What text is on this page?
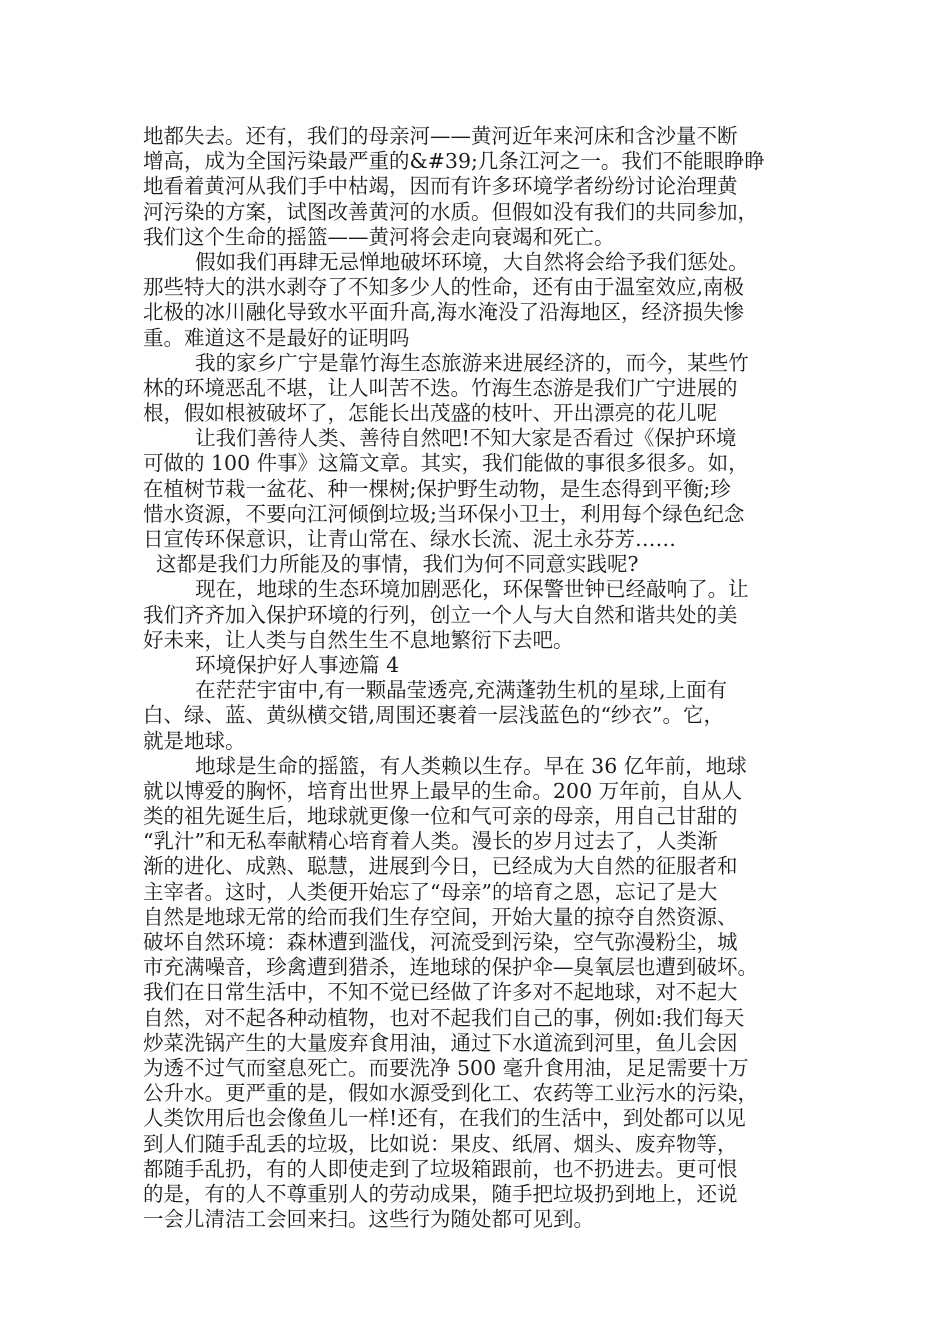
地都失去。还有，我们的母亲河——黄河近年来河床和含沙量不断
增高，成为全国污染最严重的&#39;几条江河之一。我们不能眼睁睁
地看着黄河从我们手中枯竭，因而有许多环境学者纷纷讨论治理黄
河污染的方案，试图改善黄河的水质。但假如没有我们的共同参加，
我们这个生命的摇篮——黄河将会走向衰竭和死亡。
假如我们再肆无忌惮地破坏环境，大自然将会给予我们惩处。
那些特大的洪水剥夺了不知多少人的性命，还有由于温室效应,南极
北极的冰川融化导致水平面升高,海水淹没了沿海地区，经济损失惨
重。难道这不是最好的证明吗
我的家乡广宁是靠竹海生态旅游来进展经济的，而今，某些竹
林的环境恶乱不堪，让人叫苦不迭。竹海生态游是我们广宁进展的
根，假如根被破坏了，怎能长出茂盛的枝叶、开出漂亮的花儿呢
让我们善待人类、善待自然吧!不知大家是否看过《保护环境
可做的 100 件事》这篇文章。其实，我们能做的事很多很多。如，
在植树节栽一盆花、种一棵树;保护野生动物，是生态得到平衡;珍
惜水资源，不要向江河倾倒垃圾;当环保小卫士，利用每个绿色纪念
日宣传环保意识，让青山常在、绿水长流、泥土永芬芳……
这都是我们力所能及的事情，我们为何不同意实践呢?
现在，地球的生态环境加剧恶化，环保警世钟已经敲响了。让
我们齐齐加入保护环境的行列，创立一个人与大自然和谐共处的美
好未来，让人类与自然生生不息地繁衍下去吧。
环境保护好人事迹篇 4
在茫茫宇宙中,有一颗晶莹透亮,充满蓬勃生机的星球,上面有
白、绿、蓝、黄纵横交错,周围还裹着一层浅蓝色的“纱衣”。它，
就是地球。
地球是生命的摇篮，有人类赖以生存。早在 36 亿年前，地球
就以博爱的胸怀，培育出世界上最早的生命。200 万年前，自从人
类的祖先诞生后，地球就更像一位和气可亲的母亲，用自己甘甜的
“乳汁”和无私奉献精心培育着人类。漫长的岁月过去了，人类渐
渐的进化、成熟、聪慧，进展到今日，已经成为大自然的征服者和
主宰者。这时，人类便开始忘了“母亲”的培育之恩，忘记了是大
自然是地球无常的给而我们生存空间，开始大量的掠夺自然资源、
破坏自然环境：森林遭到滥伐，河流受到污染，空气弥漫粉尘，城
市充满噪音，珍禽遭到猎杀，连地球的保护伞—臭氧层也遭到破坏。
我们在日常生活中，不知不觉已经做了许多对不起地球，对不起大
自然，对不起各种动植物，也对不起我们自己的事，例如:我们每天
炒菜洗锅产生的大量废弃食用油，通过下水道流到河里，鱼儿会因
为透不过气而窒息死亡。而要洗净 500 毫升食用油，足足需要十万
公升水。更严重的是，假如水源受到化工、农药等工业污水的污染，
人类饮用后也会像鱼儿一样!还有，在我们的生活中，到处都可以见
到人们随手乱丢的垃圾，比如说：果皮、纸屑、烟头、废弃物等，
都随手乱扔，有的人即使走到了垃圾箱跟前，也不扔进去。更可恨
的是，有的人不尊重别人的劳动成果，随手把垃圾扔到地上，还说
一会儿清洁工会回来扫。这些行为随处都可见到。
